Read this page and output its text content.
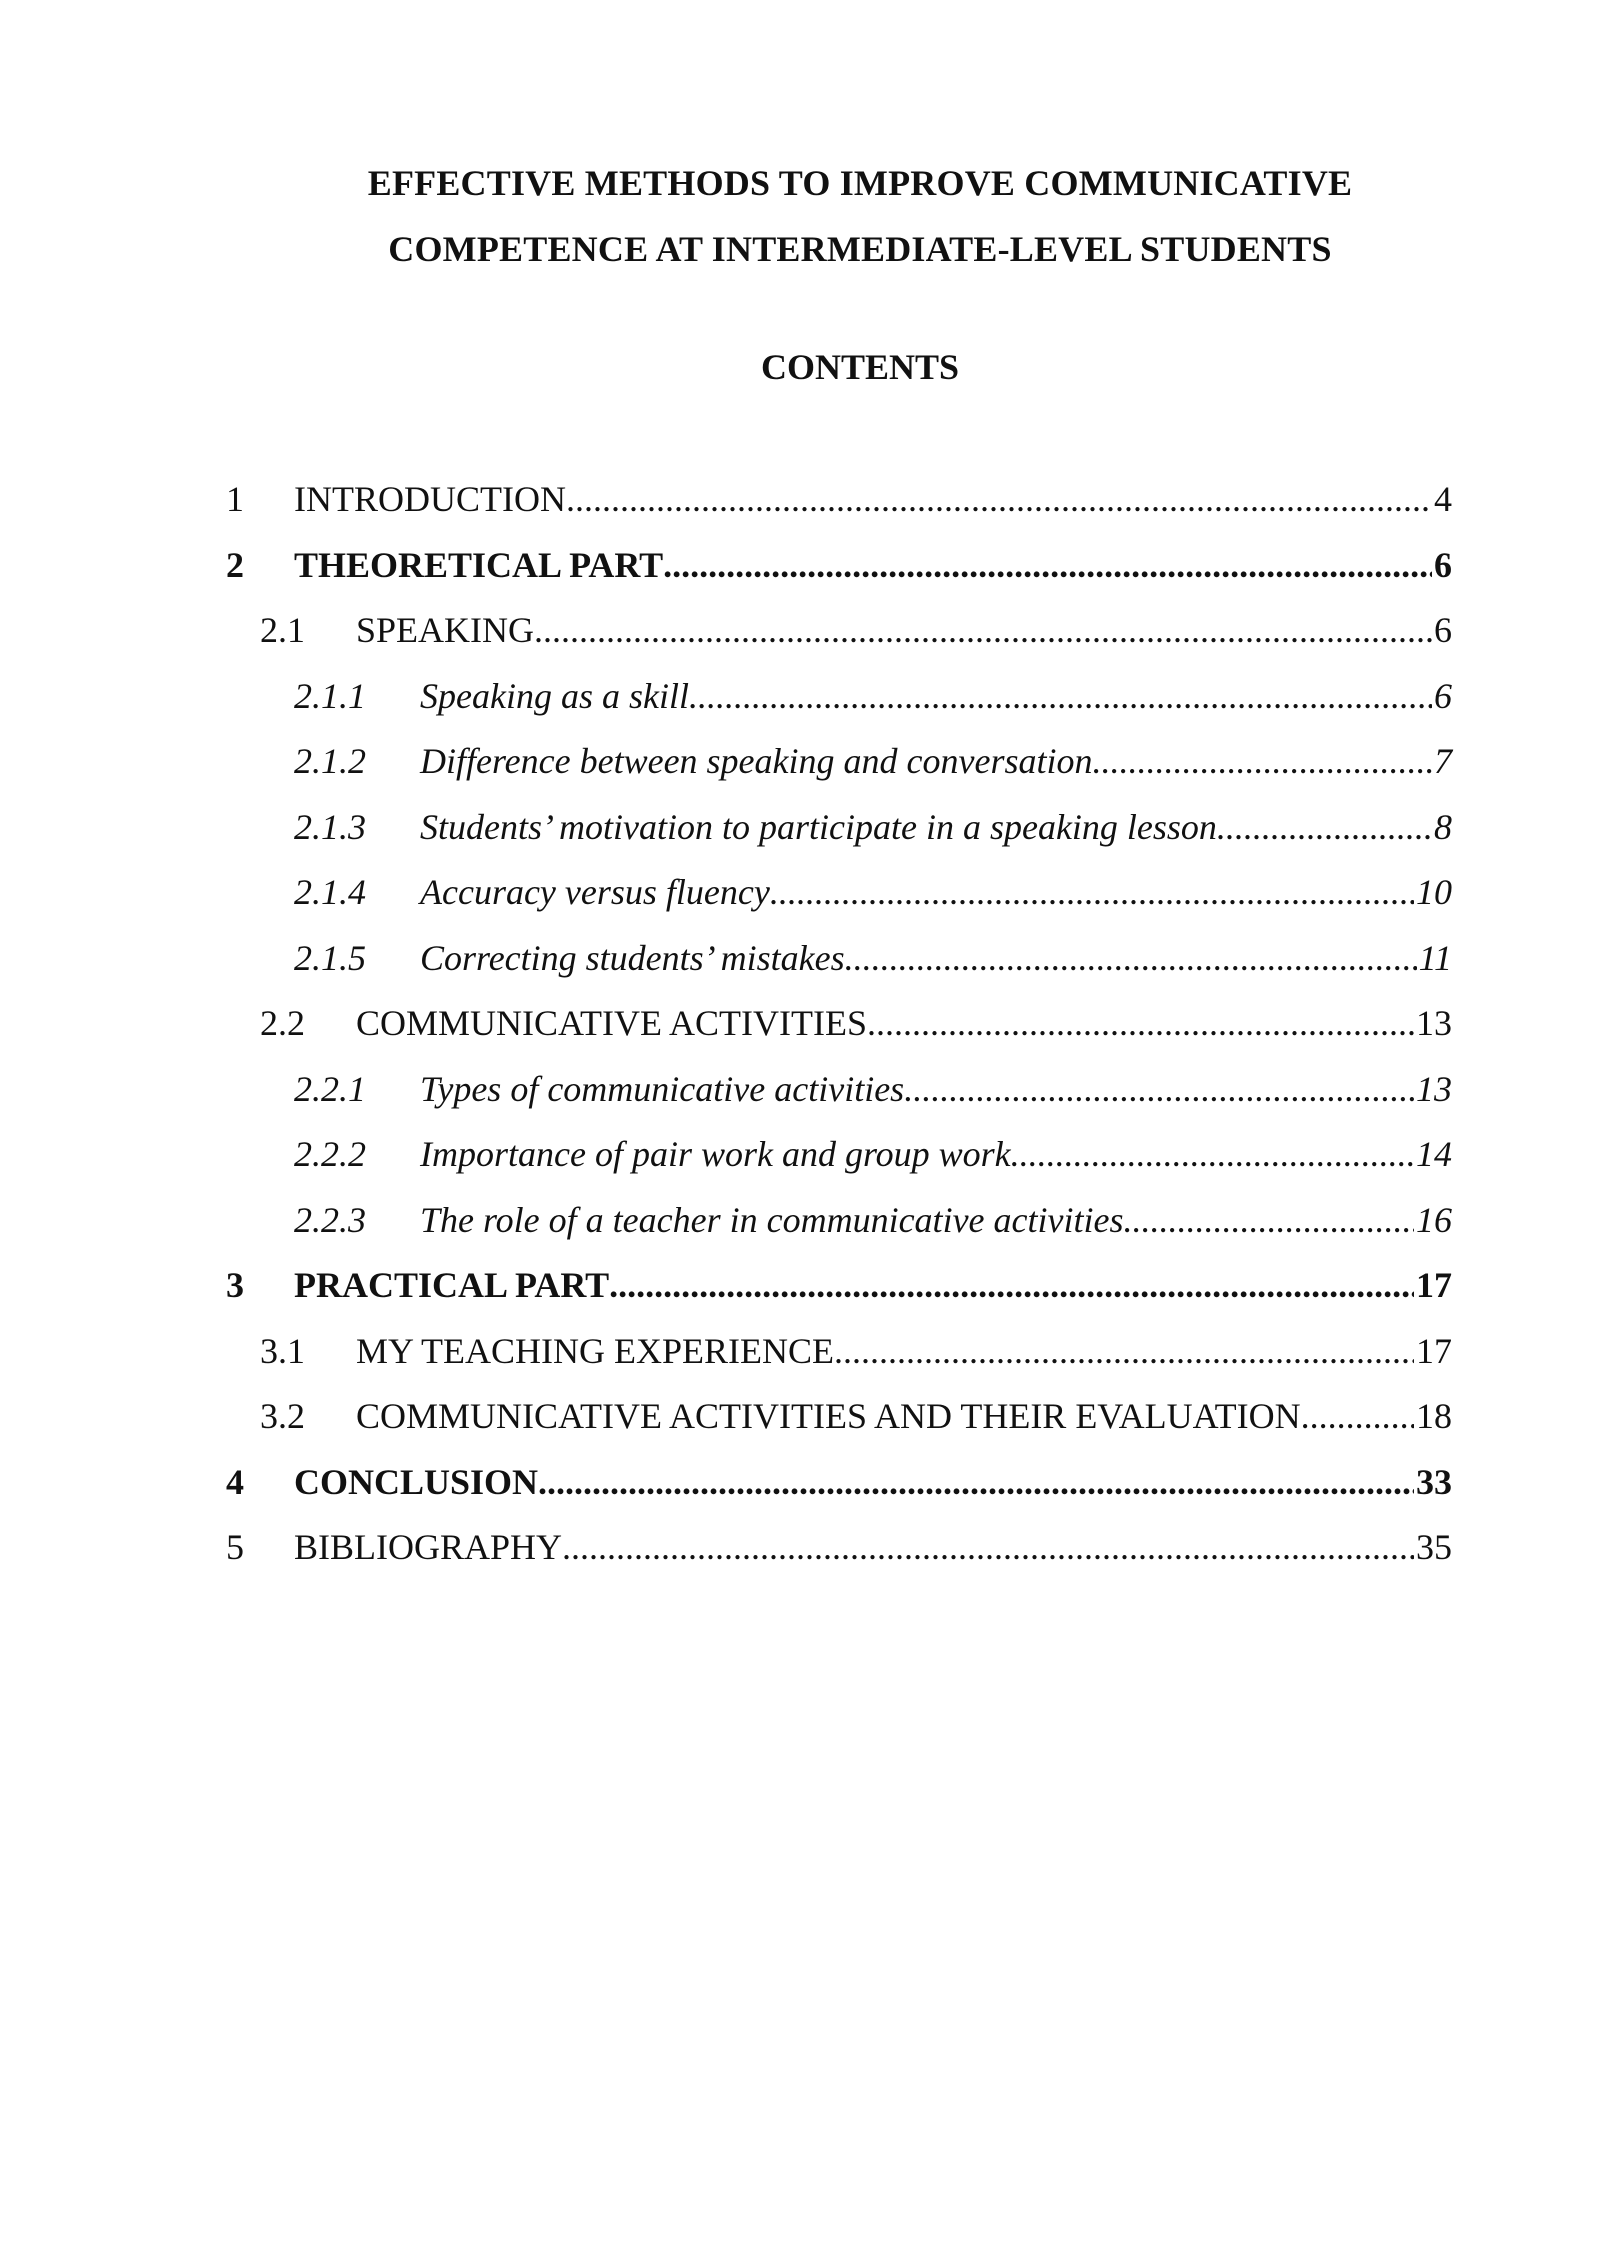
EFFECTIVE METHODS TO IMPROVE COMMUNICATIVE
COMPETENCE AT INTERMEDIATE-LEVEL STUDENTS
CONTENTS
1	INTRODUCTION .....	4
2	THEORETICAL PART .....	6
2.1	SPEAKING .....	6
2.1.1	Speaking as a skill .....	6
2.1.2	Difference between speaking and conversation .....	7
2.1.3	Students’ motivation to participate in a speaking lesson .....	8
2.1.4	Accuracy versus fluency .....	10
2.1.5	Correcting students’ mistakes .....	11
2.2	COMMUNICATIVE ACTIVITIES .....	13
2.2.1	Types of communicative activities .....	13
2.2.2	Importance of pair work and group work .....	14
2.2.3	The role of a teacher in communicative activities .....	16
3	PRACTICAL PART .....	17
3.1	MY TEACHING EXPERIENCE .....	17
3.2	COMMUNICATIVE ACTIVITIES AND THEIR EVALUATION .....	18
4	CONCLUSION .....	33
5	BIBLIOGRAPHY .....	35
